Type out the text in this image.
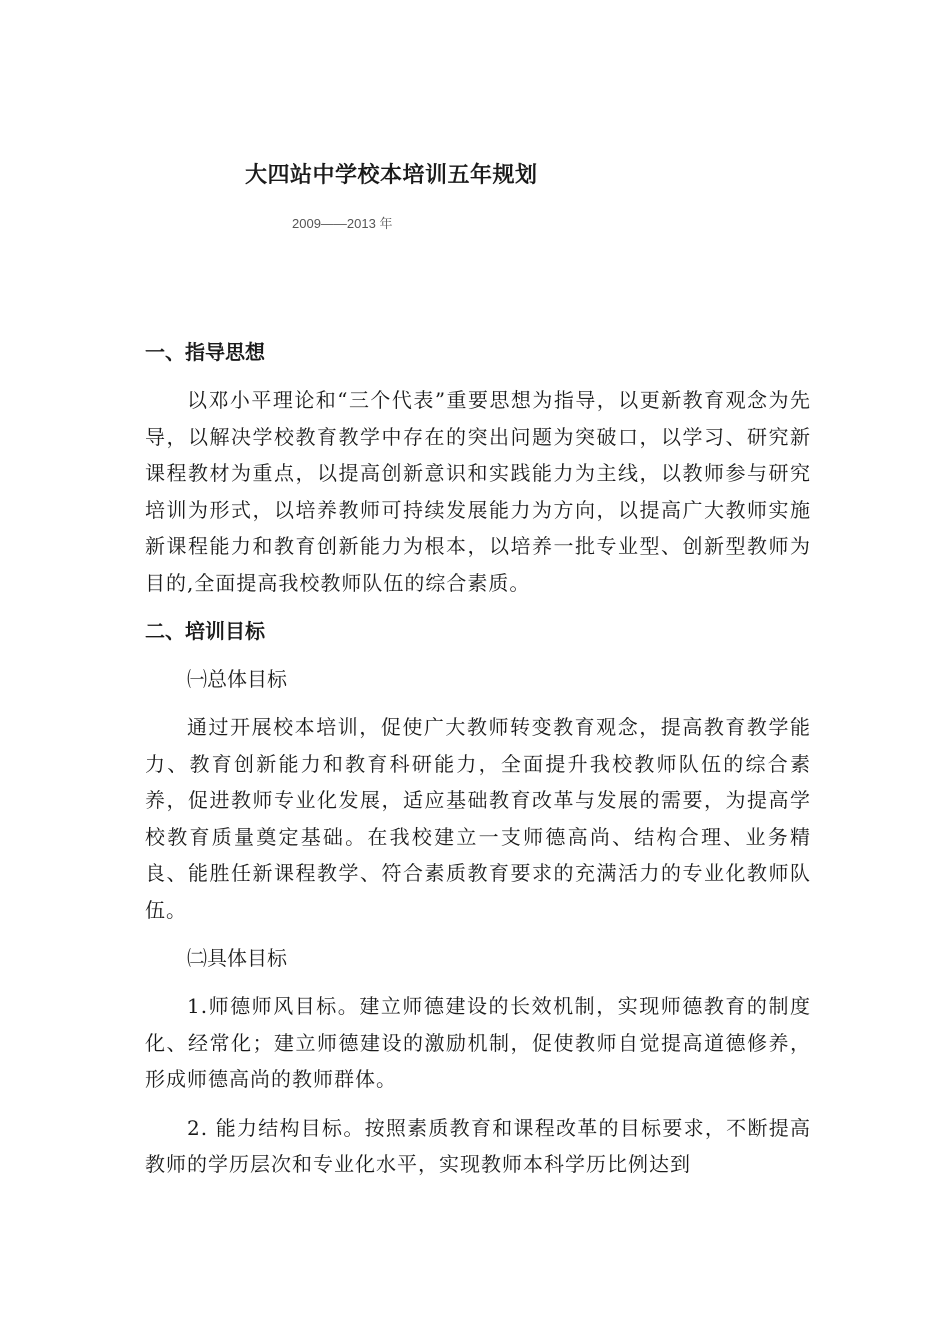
大四站中学校本培训五年规划

2009——2013 年

一、指导思想

以邓小平理论和“三个代表”重要思想为指导，以更新教育观念为先导，以解决学校教育教学中存在的突出问题为突破口，以学习、研究新课程教材为重点，以提高创新意识和实践能力为主线，以教师参与研究培训为形式，以培养教师可持续发展能力为方向，以提高广大教师实施新课程能力和教育创新能力为根本，以培养一批专业型、创新型教师为目的,全面提高我校教师队伍的综合素质。

二、培训目标

㈠总体目标

通过开展校本培训，促使广大教师转变教育观念，提高教育教学能力、教育创新能力和教育科研能力，全面提升我校教师队伍的综合素养，促进教师专业化发展，适应基础教育改革与发展的需要，为提高学校教育质量奠定基础。在我校建立一支师德高尚、结构合理、业务精良、能胜任新课程教学、符合素质教育要求的充满活力的专业化教师队伍。

㈡具体目标

1.师德师风目标。建立师德建设的长效机制，实现师德教育的制度化、经常化；建立师德建设的激励机制，促使教师自觉提高道德修养，形成师德高尚的教师群体。

2. 能力结构目标。按照素质教育和课程改革的目标要求，不断提高教师的学历层次和专业化水平，实现教师本科学历比例达到
